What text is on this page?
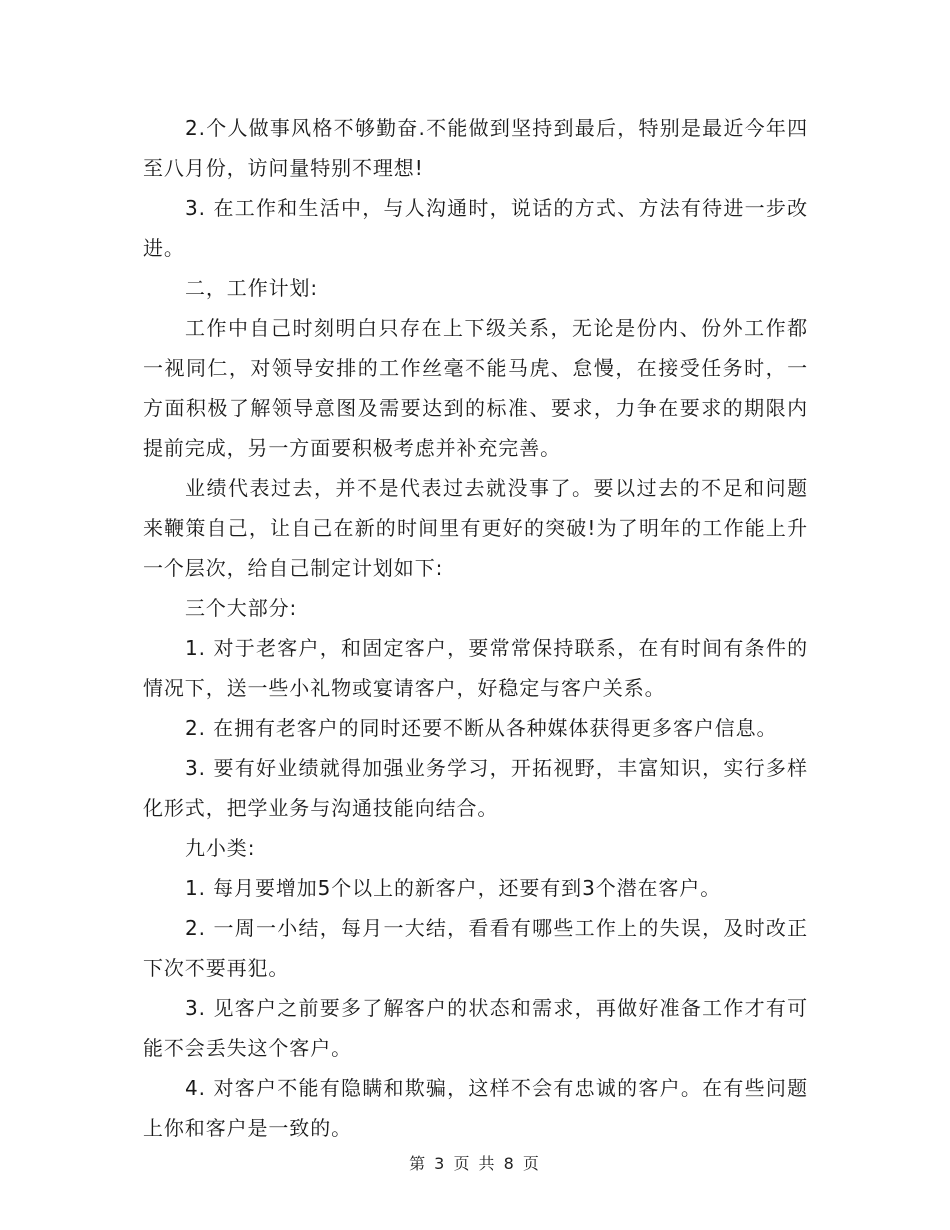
2.个人做事风格不够勤奋.不能做到坚持到最后，特别是最近今年四至八月份，访问量特别不理想!

3. 在工作和生活中，与人沟通时，说话的方式、方法有待进一步改进。

二，工作计划:

工作中自己时刻明白只存在上下级关系，无论是份内、份外工作都一视同仁，对领导安排的工作丝毫不能马虎、怠慢，在接受任务时，一方面积极了解领导意图及需要达到的标准、要求，力争在要求的期限内提前完成，另一方面要积极考虑并补充完善。

业绩代表过去，并不是代表过去就没事了。要以过去的不足和问题来鞭策自己，让自己在新的时间里有更好的突破!为了明年的工作能上升一个层次，给自己制定计划如下:

三个大部分:

1. 对于老客户，和固定客户，要常常保持联系，在有时间有条件的情况下，送一些小礼物或宴请客户，好稳定与客户关系。

2. 在拥有老客户的同时还要不断从各种媒体获得更多客户信息。

3. 要有好业绩就得加强业务学习，开拓视野，丰富知识，实行多样化形式，把学业务与沟通技能向结合。

九小类:

1. 每月要增加5个以上的新客户，还要有到3个潜在客户。

2. 一周一小结，每月一大结，看看有哪些工作上的失误，及时改正下次不要再犯。

3. 见客户之前要多了解客户的状态和需求，再做好准备工作才有可能不会丢失这个客户。

4. 对客户不能有隐瞒和欺骗，这样不会有忠诚的客户。在有些问题上你和客户是一致的。

第 3 页 共 8 页
